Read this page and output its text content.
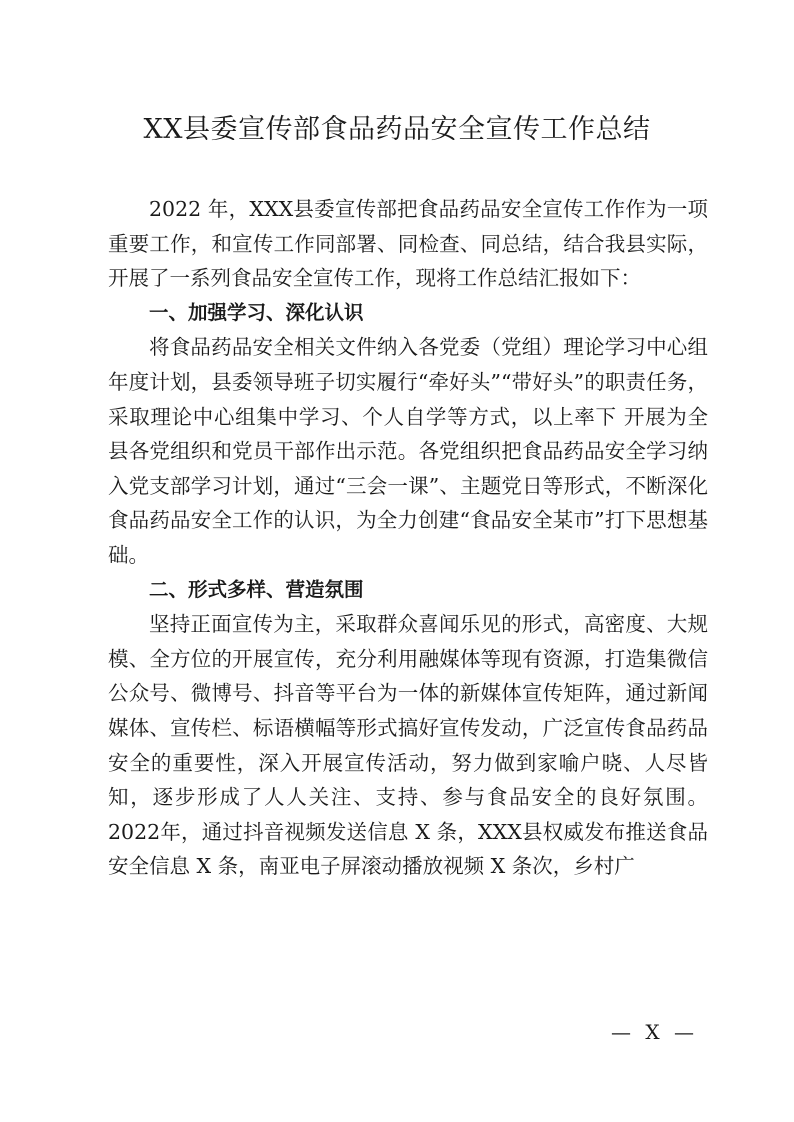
XX县委宣传部食品药品安全宣传工作总结

2022 年，XXX县委宣传部把食品药品安全宣传工作作为一项重要工作，和宣传工作同部署、同检查、同总结，结合我县实际，开展了一系列食品安全宣传工作，现将工作总结汇报如下：

一、加强学习、深化认识

将食品药品安全相关文件纳入各党委（党组）理论学习中心组年度计划，县委领导班子切实履行“牵好头”“带好头”的职责任务，采取理论中心组集中学习、个人自学等方式，以上率下 开展为全县各党组织和党员干部作出示范。各党组织把食品药品安全学习纳入党支部学习计划，通过“三会一课”、主题党日等形式，不断深化食品药品安全工作的认识，为全力创建“食品安全某市”打下思想基础。

二、形式多样、营造氛围

坚持正面宣传为主，采取群众喜闻乐见的形式，高密度、大规模、全方位的开展宣传，充分利用融媒体等现有资源，打造集微信公众号、微博号、抖音等平台为一体的新媒体宣传矩阵，通过新闻媒体、宣传栏、标语横幅等形式搞好宣传发动，广泛宣传食品药品安全的重要性，深入开展宣传活动，努力做到家喻户晓、人尽皆知，逐步形成了人人关注、支持、参与食品安全的良好氛围。2022年，通过抖音视频发送信息 X 条，XXX县权威发布推送食品安全信息 X 条，南亚电子屏滚动播放视频 X 条次，乡村广

— X —
